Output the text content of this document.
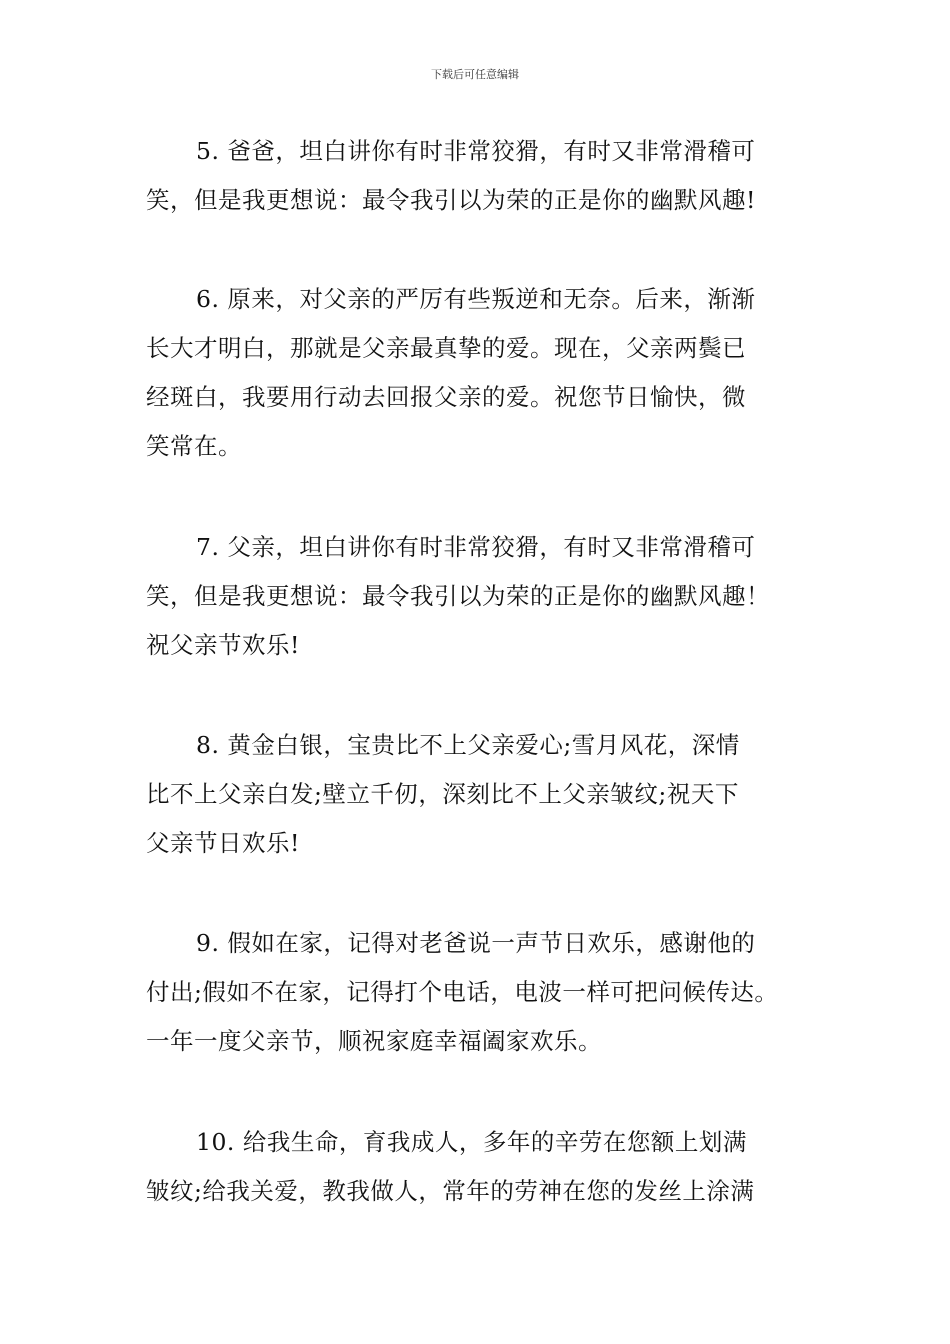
下载后可任意编辑

5. 爸爸，坦白讲你有时非常狡猾，有时又非常滑稽可
笑，但是我更想说：最令我引以为荣的正是你的幽默风趣!

6. 原来，对父亲的严厉有些叛逆和无奈。后来，渐渐
长大才明白，那就是父亲最真挚的爱。现在，父亲两鬓已
经斑白，我要用行动去回报父亲的爱。祝您节日愉快，微
笑常在。

7. 父亲，坦白讲你有时非常狡猾，有时又非常滑稽可
笑，但是我更想说：最令我引以为荣的正是你的幽默风趣！
祝父亲节欢乐!

8. 黄金白银，宝贵比不上父亲爱心;雪月风花，深情
比不上父亲白发;壁立千仞，深刻比不上父亲皱纹;祝天下
父亲节日欢乐!

9. 假如在家，记得对老爸说一声节日欢乐，感谢他的
付出;假如不在家，记得打个电话，电波一样可把问候传达。
一年一度父亲节，顺祝家庭幸福阖家欢乐。

10. 给我生命，育我成人，多年的辛劳在您额上划满
皱纹;给我关爱，教我做人，常年的劳神在您的发丝上涂满
